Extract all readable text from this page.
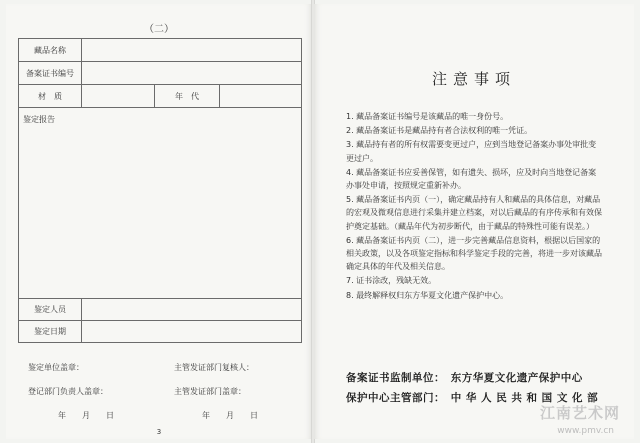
（二）
藏品名称			
备案证书编号			
材　质		年　代	
鉴定报告			
鉴定人员			
鉴定日期			
鉴定单位盖章：	主管发证部门复核人：
登记部门负责人盖章：	主管发证部门盖章：
年　　月　　日	年　　月　　日
3
注意事项

1. 藏品备案证书编号是该藏品的唯一身份号。

2. 藏品备案证书是藏品持有者合法权利的唯一凭证。

3. 藏品持有者的所有权需要变更过户，应到当地登记备案办事处审批变更过户。

4. 藏品备案证书应妥善保管，如有遗失、损坏，应及时向当地登记备案办事处申请，按照规定重新补办。

5. 藏品备案证书内页（一），确定藏品持有人和藏品的具体信息，对藏品的宏观及微观信息进行采集并建立档案，对以后藏品的有序传承和有效保护奠定基础。（藏品年代为初步断代，由于藏品的特殊性可能有误差。）

6. 藏品备案证书内页（二），进一步完善藏品信息资料，根据以后国家的相关政策，以及各项鉴定指标和科学鉴定手段的完善，将进一步对该藏品确定具体的年代及相关信息。

7. 证书涂改，残缺无效。

8. 最终解释权归东方华夏文化遗产保护中心。

备案证书监制单位：　东方华夏文化遗产保护中心
保护中心主管部门：　中 华 人 民 共 和 国 文 化 部
江南艺术网
www.pmv.cn
